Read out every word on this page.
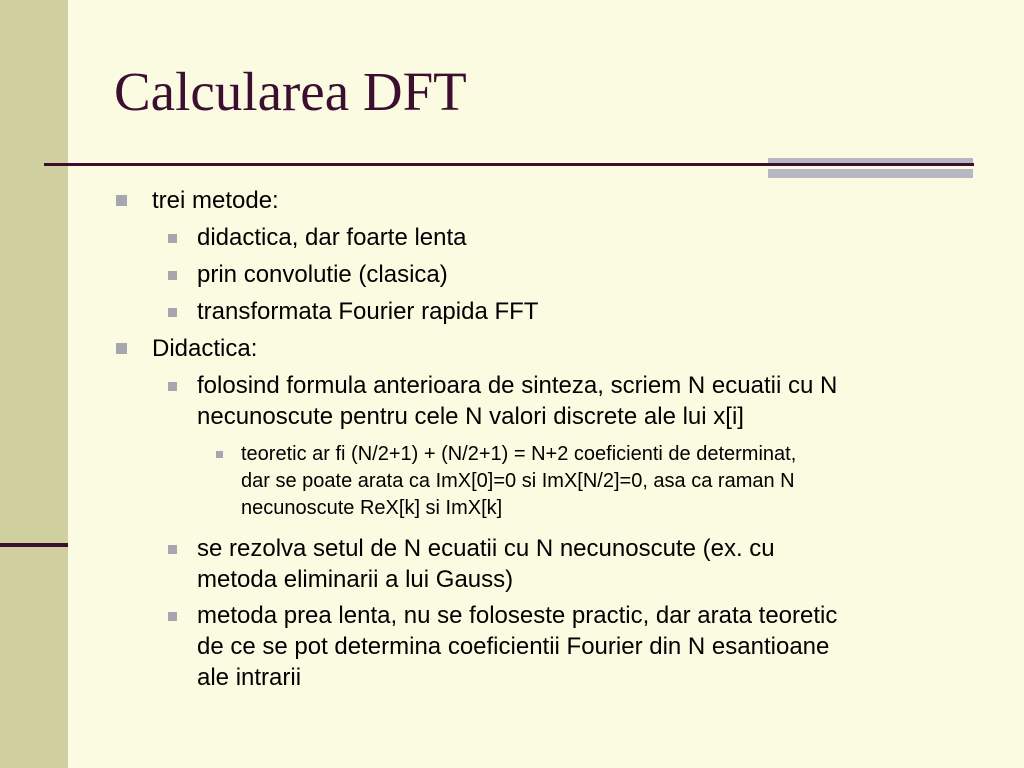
Calcularea DFT
trei metode:
didactica, dar foarte lenta
prin convolutie (clasica)
transformata Fourier rapida FFT
Didactica:
folosind formula anterioara de sinteza, scriem N ecuatii cu N
necunoscute pentru cele N valori discrete ale lui x[i]
teoretic ar fi (N/2+1) + (N/2+1) = N+2 coeficienti de determinat,
dar se poate arata ca ImX[0]=0 si ImX[N/2]=0, asa ca raman N
necunoscute ReX[k] si ImX[k]
se rezolva setul de N ecuatii cu N necunoscute (ex. cu
metoda eliminarii a lui Gauss)
metoda prea lenta, nu se foloseste practic, dar arata teoretic
de ce se pot determina coeficientii Fourier din N esantioane
ale intrarii
